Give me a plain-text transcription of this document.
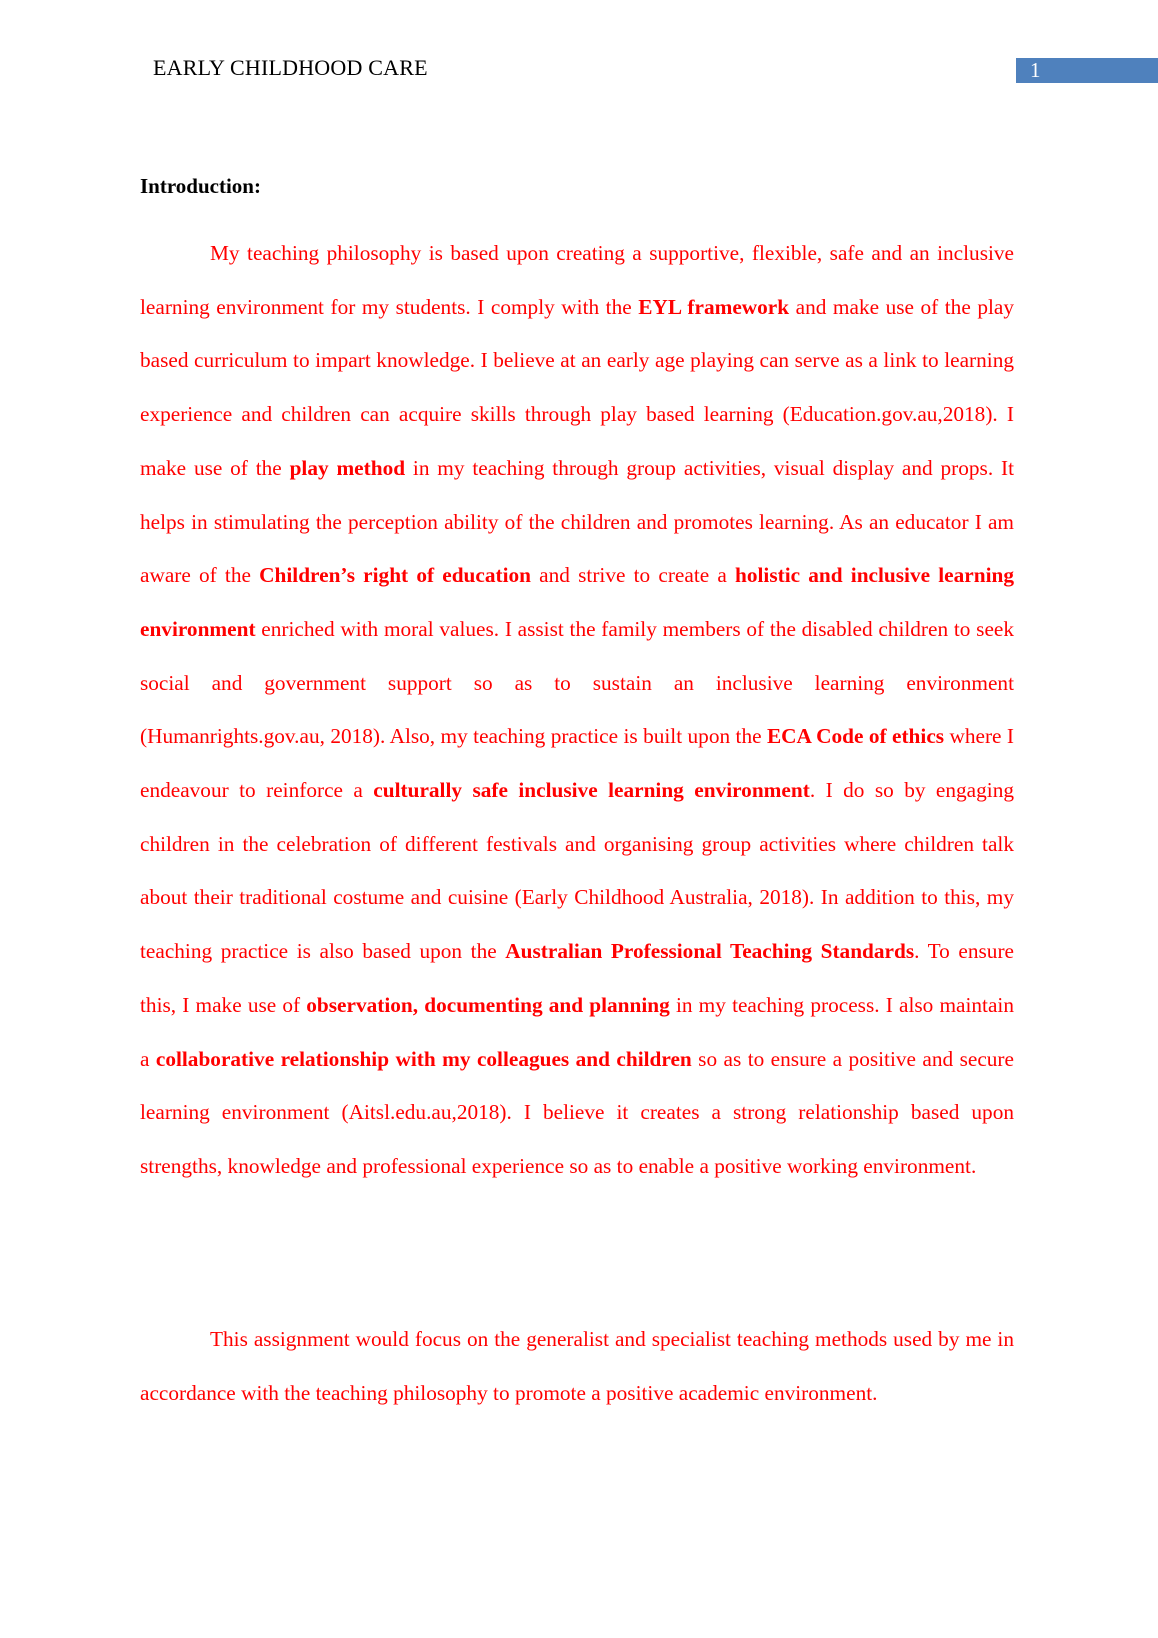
EARLY CHILDHOOD CARE	1
Introduction:

My teaching philosophy is based upon creating a supportive, flexible, safe and an inclusive learning environment for my students. I comply with the EYL framework and make use of the play based curriculum to impart knowledge. I believe at an early age playing can serve as a link to learning experience and children can acquire skills through play based learning (Education.gov.au,2018). I make use of the play method in my teaching through group activities, visual display and props. It helps in stimulating the perception ability of the children and promotes learning. As an educator I am aware of the Children’s right of education and strive to create a holistic and inclusive learning environment enriched with moral values. I assist the family members of the disabled children to seek social and government support so as to sustain an inclusive learning environment (Humanrights.gov.au, 2018). Also, my teaching practice is built upon the ECA Code of ethics where I endeavour to reinforce a culturally safe inclusive learning environment. I do so by engaging children in the celebration of different festivals and organising group activities where children talk about their traditional costume and cuisine (Early Childhood Australia, 2018). In addition to this, my teaching practice is also based upon the Australian Professional Teaching Standards. To ensure this, I make use of observation, documenting and planning in my teaching process. I also maintain a collaborative relationship with my colleagues and children so as to ensure a positive and secure learning environment (Aitsl.edu.au,2018). I believe it creates a strong relationship based upon strengths, knowledge and professional experience so as to enable a positive working environment.

This assignment would focus on the generalist and specialist teaching methods used by me in accordance with the teaching philosophy to promote a positive academic environment.
